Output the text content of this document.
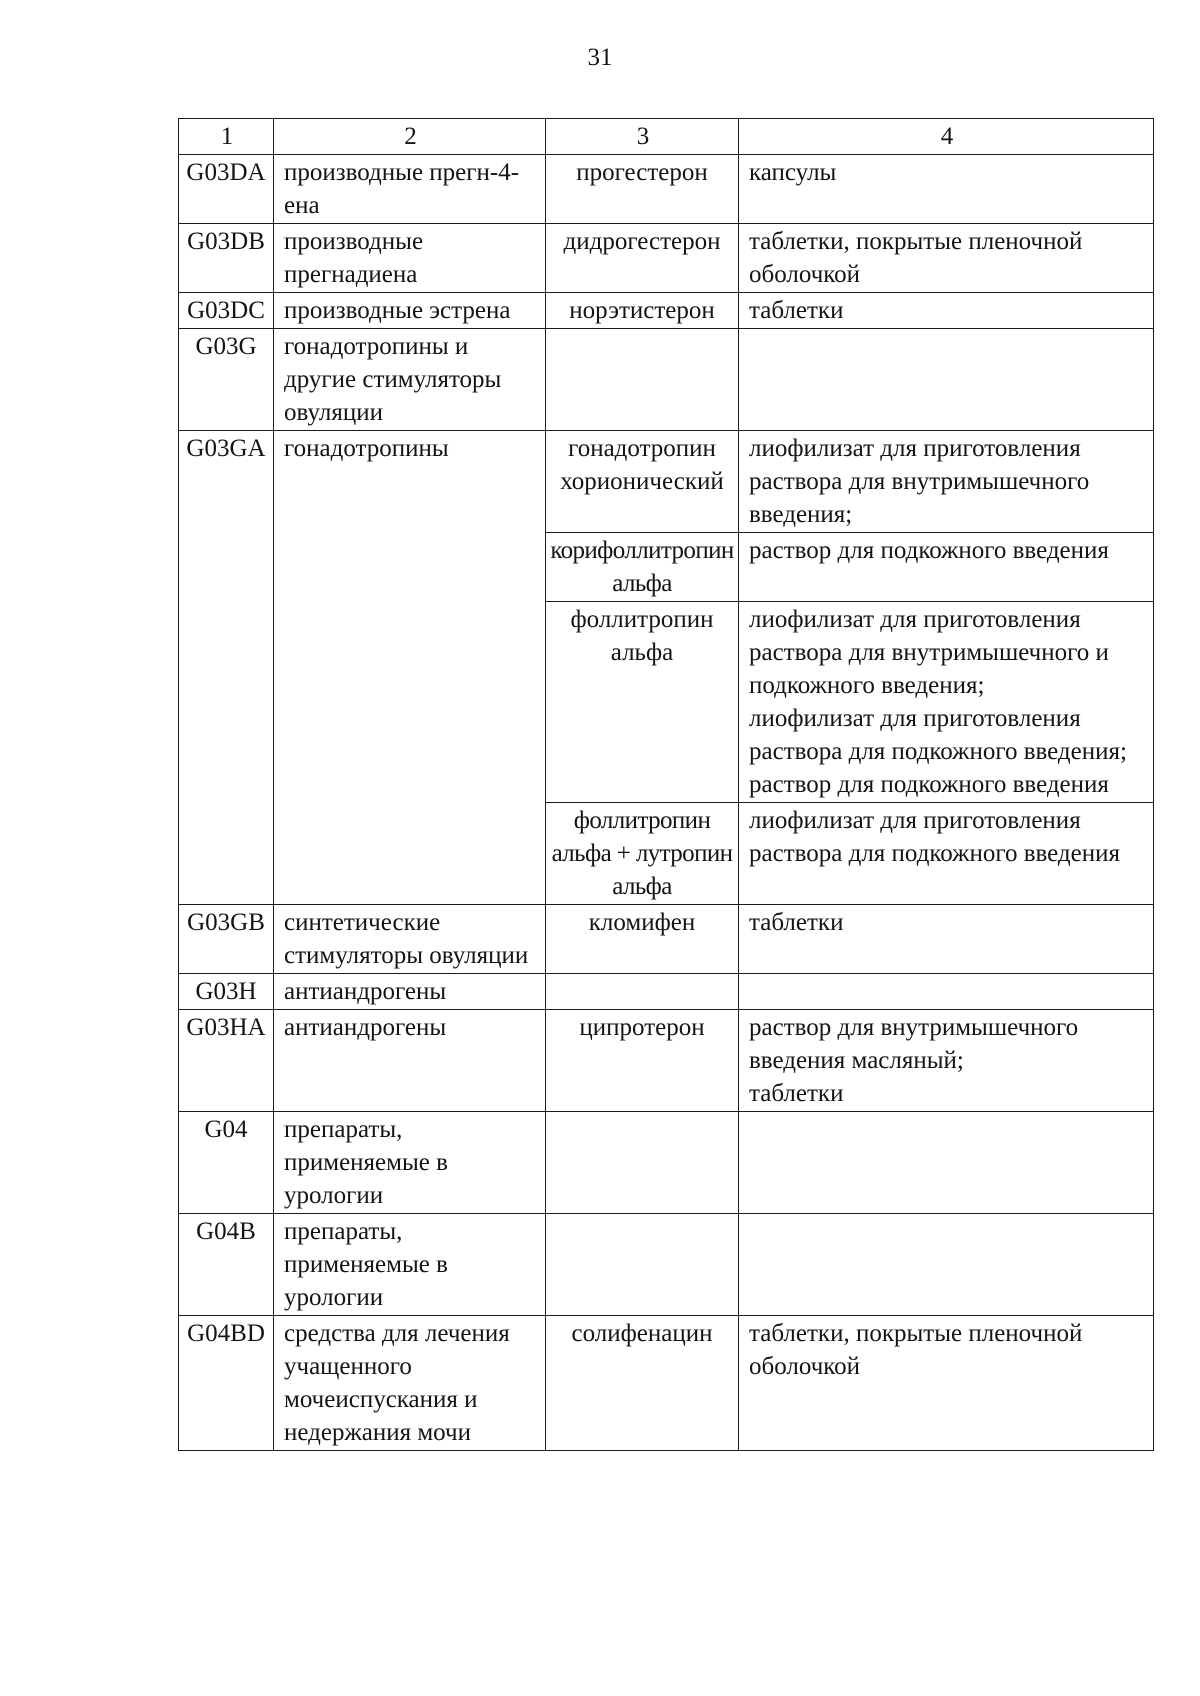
31
1	2	3	4
G03DA	производные прегн-4-ена	прогестерон	капсулы
G03DB	производные прегнадиена	дидрогестерон	таблетки, покрытые пленочной оболочкой
G03DC	производные эстрена	норэтистерон	таблетки
G03G	гонадотропины и другие стимуляторы овуляции		
G03GA	гонадотропины	гонадотропин хорионический	лиофилизат для приготовления раствора для внутримышечного введения;
		корифоллитропин альфа	раствор для подкожного введения
		фоллитропин альфа	лиофилизат для приготовления раствора для внутримышечного и подкожного введения;
лиофилизат для приготовления раствора для подкожного введения;
раствор для подкожного введения

		фоллитропин альфа + лутропин альфа	лиофилизат для приготовления раствора для подкожного введения
G03GB	синтетические стимуляторы овуляции	кломифен	таблетки
G03H	антиандрогены		
G03HA	антиандрогены	ципротерон	раствор для внутримышечного введения масляный;
таблетки

G04	препараты, применяемые в урологии		
G04B	препараты, применяемые в урологии		
G04BD	средства для лечения учащенного мочеиспускания и недержания мочи	солифенацин	таблетки, покрытые пленочной оболочкой
